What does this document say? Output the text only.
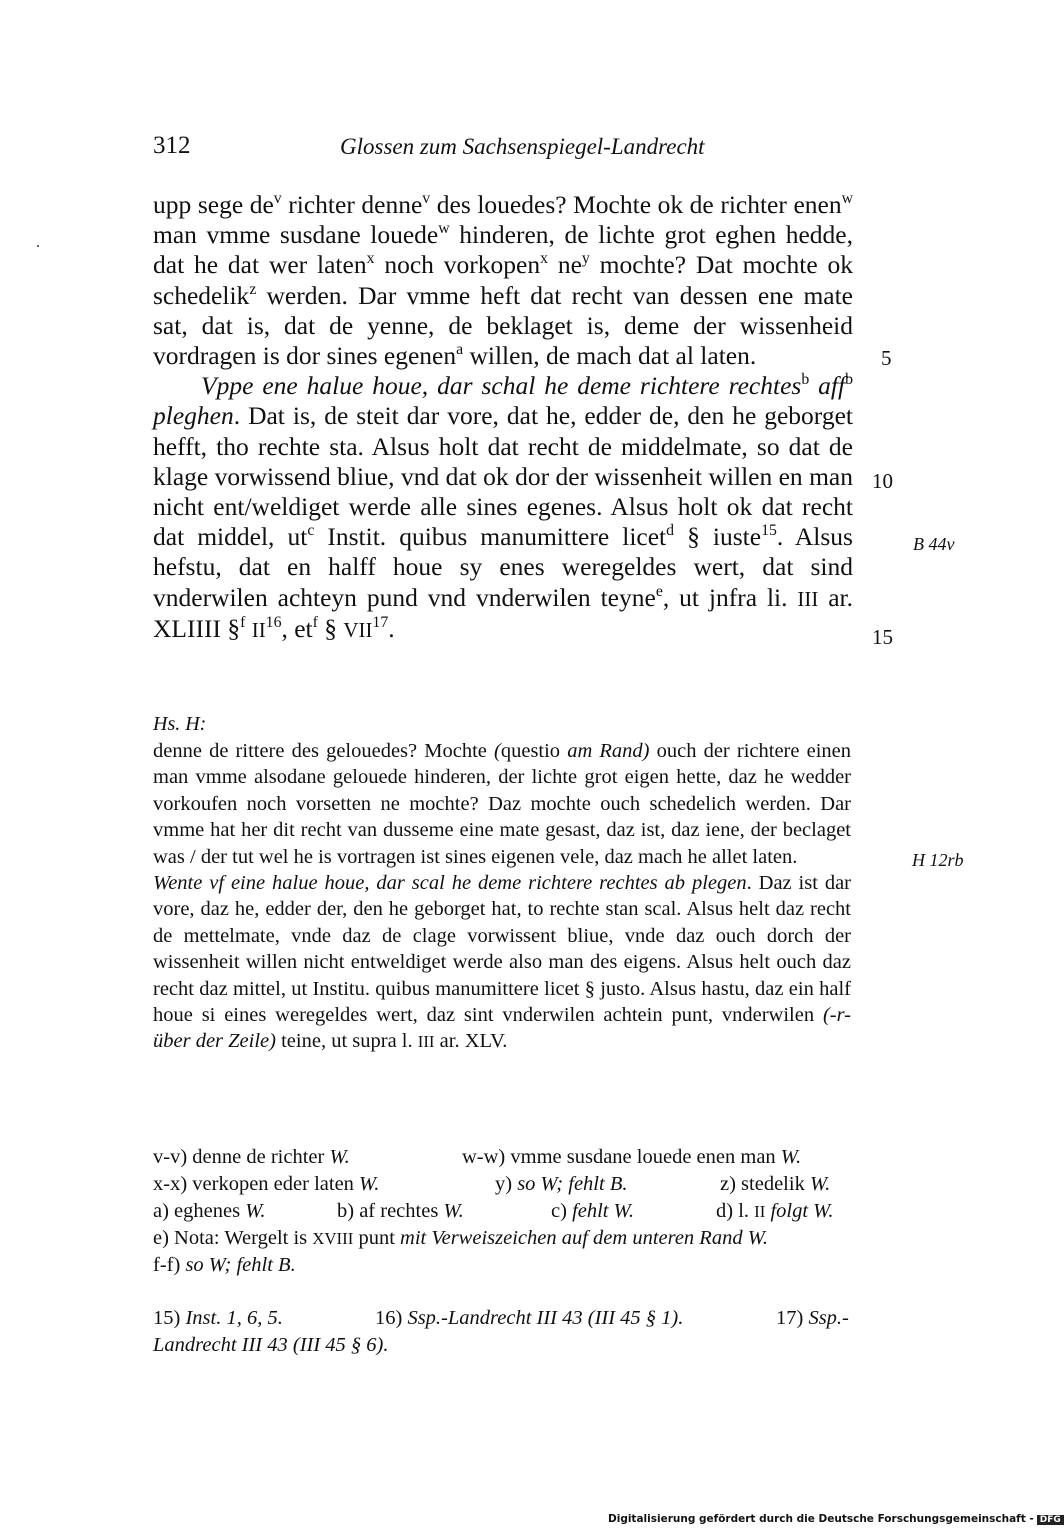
312	Glossen zum Sachsenspiegel-Landrecht

upp sege $de^v$ richter denne$^v$ des louedes? Mochte ok de richter enen$^w$ man vmme susdane louede$^w$ hinderen, de lichte grot eghen hedde, dat he dat wer laten$^x$ noch vorkopen$^x$ $ne^y$ mochte? Dat mochte ok schedelik$^z$ werden. Dar vmme heft dat recht van dessen ene mate sat, dat is, dat de yenne, de beklaget is, deme der wissenheid vordragen is dor sines egenen$^a$ willen, de mach dat al laten.

Vppe ene halue houe, dar schal he deme richtere rechtes$^b$ aff$^b$ pleghen. Dat is, de steit dar vore, dat he, edder de, den he geborget hefft, tho rechte sta. Alsus holt dat recht de middelmate, so dat de klage vorwissend bliue, vnd dat ok dor der wissenheit willen en man nicht ent/weldiget werde alle sines egenes. Alsus holt ok dat recht dat middel, $ut^c$ Instit. quibus manumittere licet$^d$ § iuste$^{15}$. Alsus hefstu, dat en halff houe sy enes weregeldes wert, dat sind vnderwilen achteyn pund vnd vnderwilen teyne$^e$, ut jnfra li. III ar. XLIIII §$^f$ II$^{16}$, $et^f$ § VII$^{17}$.

5
10
15
B 44v
Hs. H:

denne de rittere des gelouedes? Mochte (questio am Rand) ouch der richtere einen man vmme alsodane gelouede hinderen, der lichte grot eigen hette, daz he wedder vorkoufen noch vorsetten ne mochte? Daz mochte ouch schedelich werden. Dar vmme hat her dit recht van dusseme eine mate gesast, daz ist, daz iene, der beclaget was / der tut wel he is vortragen ist sines eigenen vele, daz mach he allet laten.

Wente vf eine halue houe, dar scal he deme richtere rechtes ab plegen. Daz ist dar vore, daz he, edder der, den he geborget hat, to rechte stan scal. Alsus helt daz recht de mettelmate, vnde daz de clage vorwissent bliue, vnde daz ouch dorch der wissenheit willen nicht entweldiget werde also man des eigens. Alsus helt ouch daz recht daz mittel, ut Institu. quibus manumittere licet § justo. Alsus hastu, daz ein half houe si eines weregeldes wert, daz sint vnderwilen achtein punt, vnderwilen (-r- über der Zeile) teine, ut supra l. III ar. XLV.

H 12rb
v-v) denne de richter W.	w-w) vmme susdane louede enen man W.
x-x) verkopen eder laten W.	y) so W; fehlt B.	z) stedelik W.
a) eghenes W.	b) af rechtes W.	c) fehlt W.	d) l. II folgt W.
e) Nota: Wergelt is XVIII punt mit Verweiszeichen auf dem unteren Rand W.
f-f) so W; fehlt B.
15) Inst. 1, 6, 5.	16) Ssp.-Landrecht III 43 (III 45 § 1).	17) Ssp.-
Landrecht III 43 (III 45 § 6).
Digitalisierung gefördert durch die Deutsche Forschungsgemeinschaft - DFG
